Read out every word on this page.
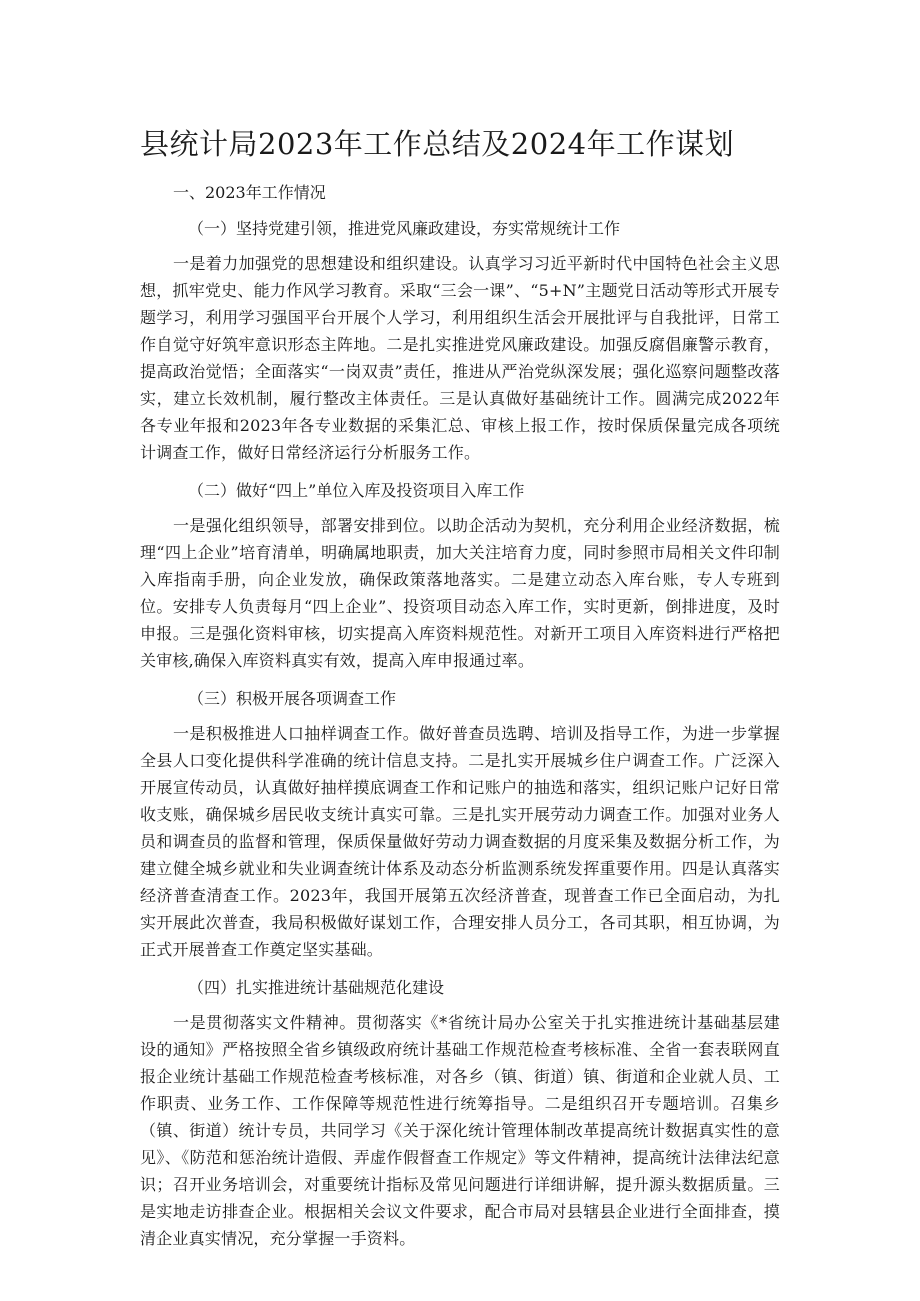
县统计局2023年工作总结及2024年工作谋划

一、2023年工作情况

（一）坚持党建引领，推进党风廉政建设，夯实常规统计工作

一是着力加强党的思想建设和组织建设。认真学习习近平新时代中国特色社会主义思想，抓牢党史、能力作风学习教育。采取“三会一课”、“5+N”主题党日活动等形式开展专题学习，利用学习强国平台开展个人学习，利用组织生活会开展批评与自我批评，日常工作自觉守好筑牢意识形态主阵地。二是扎实推进党风廉政建设。加强反腐倡廉警示教育，提高政治觉悟；全面落实“一岗双责”责任，推进从严治党纵深发展；强化巡察问题整改落实，建立长效机制，履行整改主体责任。三是认真做好基础统计工作。圆满完成2022年各专业年报和2023年各专业数据的采集汇总、审核上报工作，按时保质保量完成各项统计调查工作，做好日常经济运行分析服务工作。

（二）做好“四上”单位入库及投资项目入库工作

一是强化组织领导，部署安排到位。以助企活动为契机，充分利用企业经济数据，梳理“四上企业”培育清单，明确属地职责，加大关注培育力度，同时参照市局相关文件印制入库指南手册，向企业发放，确保政策落地落实。二是建立动态入库台账，专人专班到位。安排专人负责每月“四上企业”、投资项目动态入库工作，实时更新，倒排进度，及时申报。三是强化资料审核，切实提高入库资料规范性。对新开工项目入库资料进行严格把关审核,确保入库资料真实有效，提高入库申报通过率。

（三）积极开展各项调查工作

一是积极推进人口抽样调查工作。做好普查员选聘、培训及指导工作，为进一步掌握全县人口变化提供科学准确的统计信息支持。二是扎实开展城乡住户调查工作。广泛深入开展宣传动员，认真做好抽样摸底调查工作和记账户的抽选和落实，组织记账户记好日常收支账，确保城乡居民收支统计真实可靠。三是扎实开展劳动力调查工作。加强对业务人员和调查员的监督和管理，保质保量做好劳动力调查数据的月度采集及数据分析工作，为建立健全城乡就业和失业调查统计体系及动态分析监测系统发挥重要作用。四是认真落实经济普查清查工作。2023年，我国开展第五次经济普查，现普查工作已全面启动，为扎实开展此次普查，我局积极做好谋划工作，合理安排人员分工，各司其职，相互协调，为正式开展普查工作奠定坚实基础。

（四）扎实推进统计基础规范化建设

一是贯彻落实文件精神。贯彻落实《*省统计局办公室关于扎实推进统计基础基层建设的通知》严格按照全省乡镇级政府统计基础工作规范检查考核标准、全省一套表联网直报企业统计基础工作规范检查考核标准，对各乡（镇、街道）镇、街道和企业就人员、工作职责、业务工作、工作保障等规范性进行统筹指导。二是组织召开专题培训。召集乡（镇、街道）统计专员，共同学习《关于深化统计管理体制改革提高统计数据真实性的意见》、《防范和惩治统计造假、弄虚作假督查工作规定》等文件精神，提高统计法律法纪意识；召开业务培训会，对重要统计指标及常见问题进行详细讲解，提升源头数据质量。三是实地走访排查企业。根据相关会议文件要求，配合市局对县辖县企业进行全面排查，摸清企业真实情况，充分掌握一手资料。
